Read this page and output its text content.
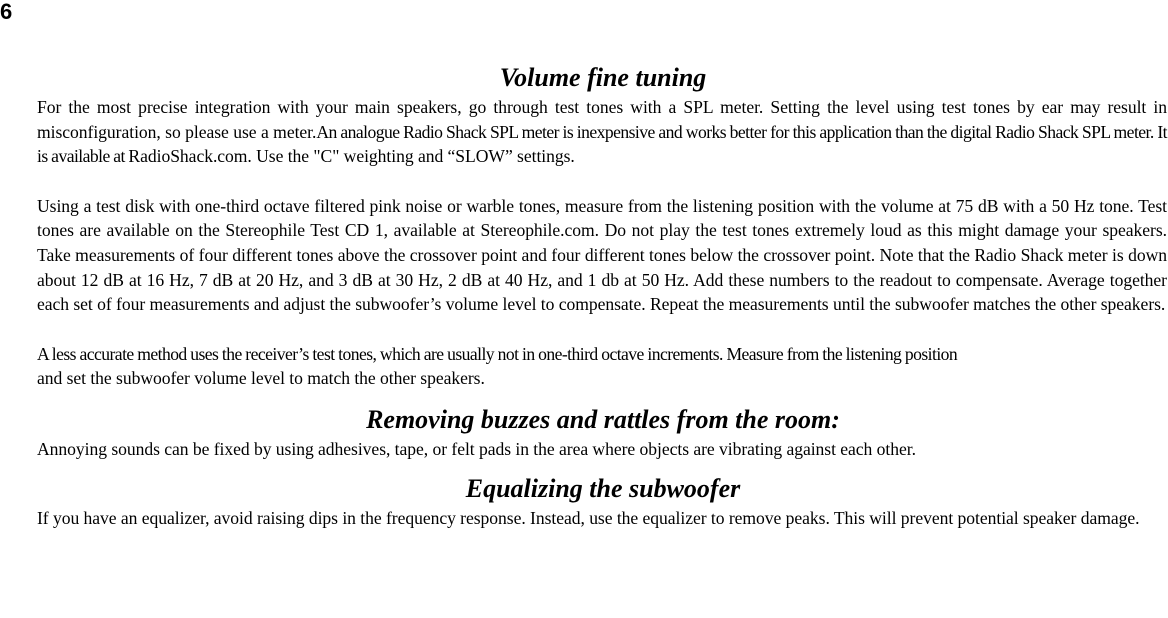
6
Volume fine tuning

For the most precise integration with your main speakers, go through test tones with a SPL meter. Setting the level using test tones by ear may result in misconfiguration, so please use a meter.An analogue Radio Shack SPL meter is inexpensive and works better for this application than the digital Radio Shack SPL meter. It is available at RadioShack.com. Use the "C" weighting and “SLOW” settings.

Using a test disk with one-third octave filtered pink noise or warble tones, measure from the listening position with the volume at 75 dB with a 50 Hz tone. Test tones are available on the Stereophile Test CD 1, available at Stereophile.com. Do not play the test tones extremely loud as this might damage your speakers. Take measurements of four different tones above the crossover point and four different tones below the crossover point. Note that the Radio Shack meter is down about 12 dB at 16 Hz, 7 dB at 20 Hz, and 3 dB at 30 Hz, 2 dB at 40 Hz, and 1 db at 50 Hz. Add these numbers to the readout to compensate. Average together each set of four measurements and adjust the subwoofer’s volume level to compensate. Repeat the measurements until the subwoofer matches the other speakers.

A less accurate method uses the receiver’s test tones, which are usually not in one-third octave increments. Measure from the listening position
and set the subwoofer volume level to match the other speakers.

Removing buzzes and rattles from the room:

Annoying sounds can be fixed by using adhesives, tape, or felt pads in the area where objects are vibrating against each other.

Equalizing the subwoofer

If you have an equalizer, avoid raising dips in the frequency response. Instead, use the equalizer to remove peaks. This will prevent potential speaker damage.
